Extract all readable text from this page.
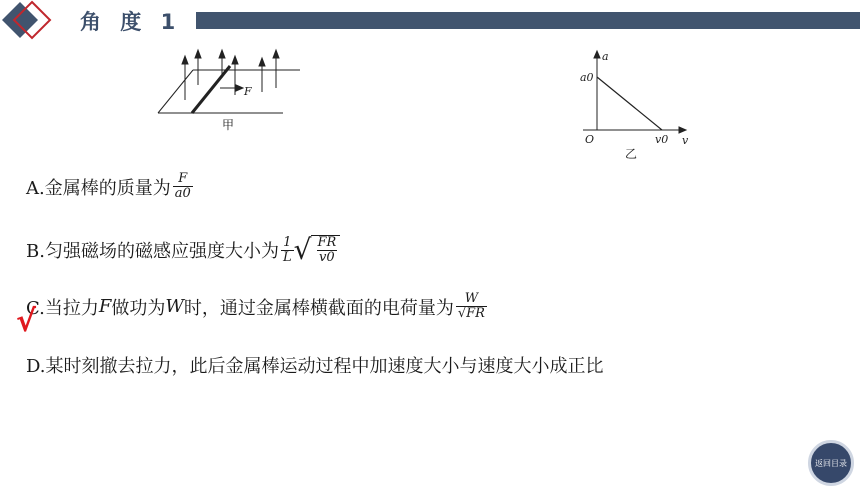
角 度 1
F
甲
a
v
O
a0
v0
乙
A.金属棒的质量为 $\frac{F}{a0}$
B.匀强磁场的磁感应强度大小为 $\frac{1}{L}$ √ $\frac{FR}{v0}$
C.当拉力 F 做功为 W 时，通过金属棒横截面的电荷量为 $\frac{W}{√FR}$
√
D.某时刻撤去拉力，此后金属棒运动过程中加速度大小与速度大小成正比
返回目录
